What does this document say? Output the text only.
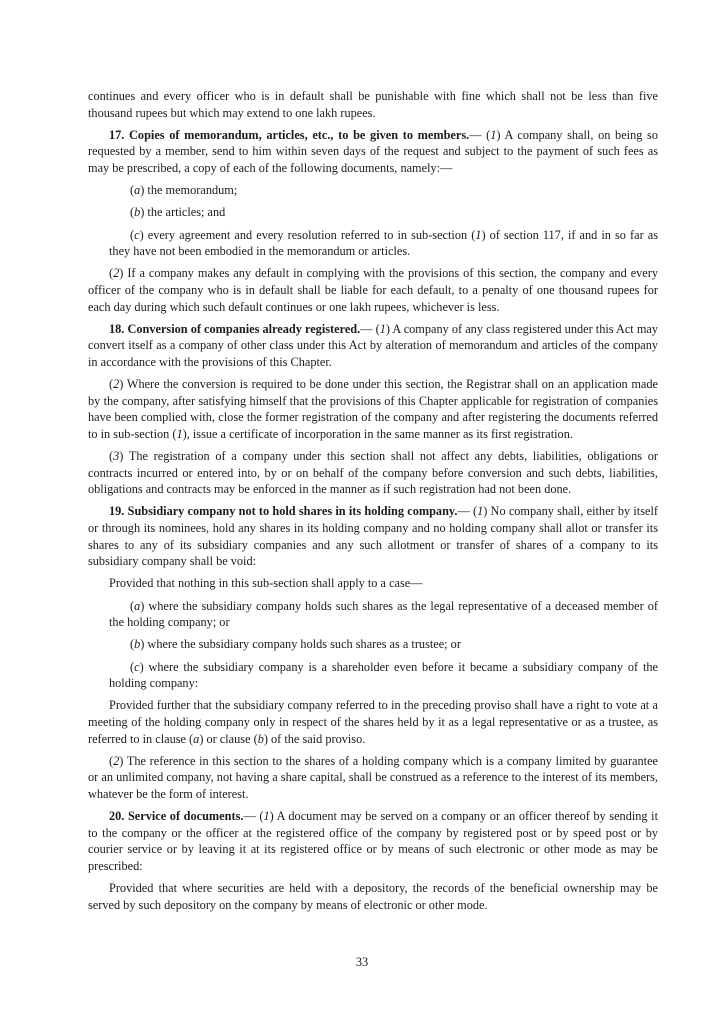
continues and every officer who is in default shall be punishable with fine which shall not be less than five thousand rupees but which may extend to one lakh rupees.

17. Copies of memorandum, articles, etc., to be given to members.— (1) A company shall, on being so requested by a member, send to him within seven days of the request and subject to the payment of such fees as may be prescribed, a copy of each of the following documents, namely:—

(a) the memorandum;

(b) the articles; and

(c) every agreement and every resolution referred to in sub-section (1) of section 117, if and in so far as they have not been embodied in the memorandum or articles.

(2) If a company makes any default in complying with the provisions of this section, the company and every officer of the company who is in default shall be liable for each default, to a penalty of one thousand rupees for each day during which such default continues or one lakh rupees, whichever is less.

18. Conversion of companies already registered.— (1) A company of any class registered under this Act may convert itself as a company of other class under this Act by alteration of memorandum and articles of the company in accordance with the provisions of this Chapter.

(2) Where the conversion is required to be done under this section, the Registrar shall on an application made by the company, after satisfying himself that the provisions of this Chapter applicable for registration of companies have been complied with, close the former registration of the company and after registering the documents referred to in sub-section (1), issue a certificate of incorporation in the same manner as its first registration.

(3) The registration of a company under this section shall not affect any debts, liabilities, obligations or contracts incurred or entered into, by or on behalf of the company before conversion and such debts, liabilities, obligations and contracts may be enforced in the manner as if such registration had not been done.

19. Subsidiary company not to hold shares in its holding company.— (1) No company shall, either by itself or through its nominees, hold any shares in its holding company and no holding company shall allot or transfer its shares to any of its subsidiary companies and any such allotment or transfer of shares of a company to its subsidiary company shall be void:

Provided that nothing in this sub-section shall apply to a case—

(a) where the subsidiary company holds such shares as the legal representative of a deceased member of the holding company; or

(b) where the subsidiary company holds such shares as a trustee; or

(c) where the subsidiary company is a shareholder even before it became a subsidiary company of the holding company:

Provided further that the subsidiary company referred to in the preceding proviso shall have a right to vote at a meeting of the holding company only in respect of the shares held by it as a legal representative or as a trustee, as referred to in clause (a) or clause (b) of the said proviso.

(2) The reference in this section to the shares of a holding company which is a company limited by guarantee or an unlimited company, not having a share capital, shall be construed as a reference to the interest of its members, whatever be the form of interest.

20. Service of documents.— (1) A document may be served on a company or an officer thereof by sending it to the company or the officer at the registered office of the company by registered post or by speed post or by courier service or by leaving it at its registered office or by means of such electronic or other mode as may be prescribed:

Provided that where securities are held with a depository, the records of the beneficial ownership may be served by such depository on the company by means of electronic or other mode.

33
